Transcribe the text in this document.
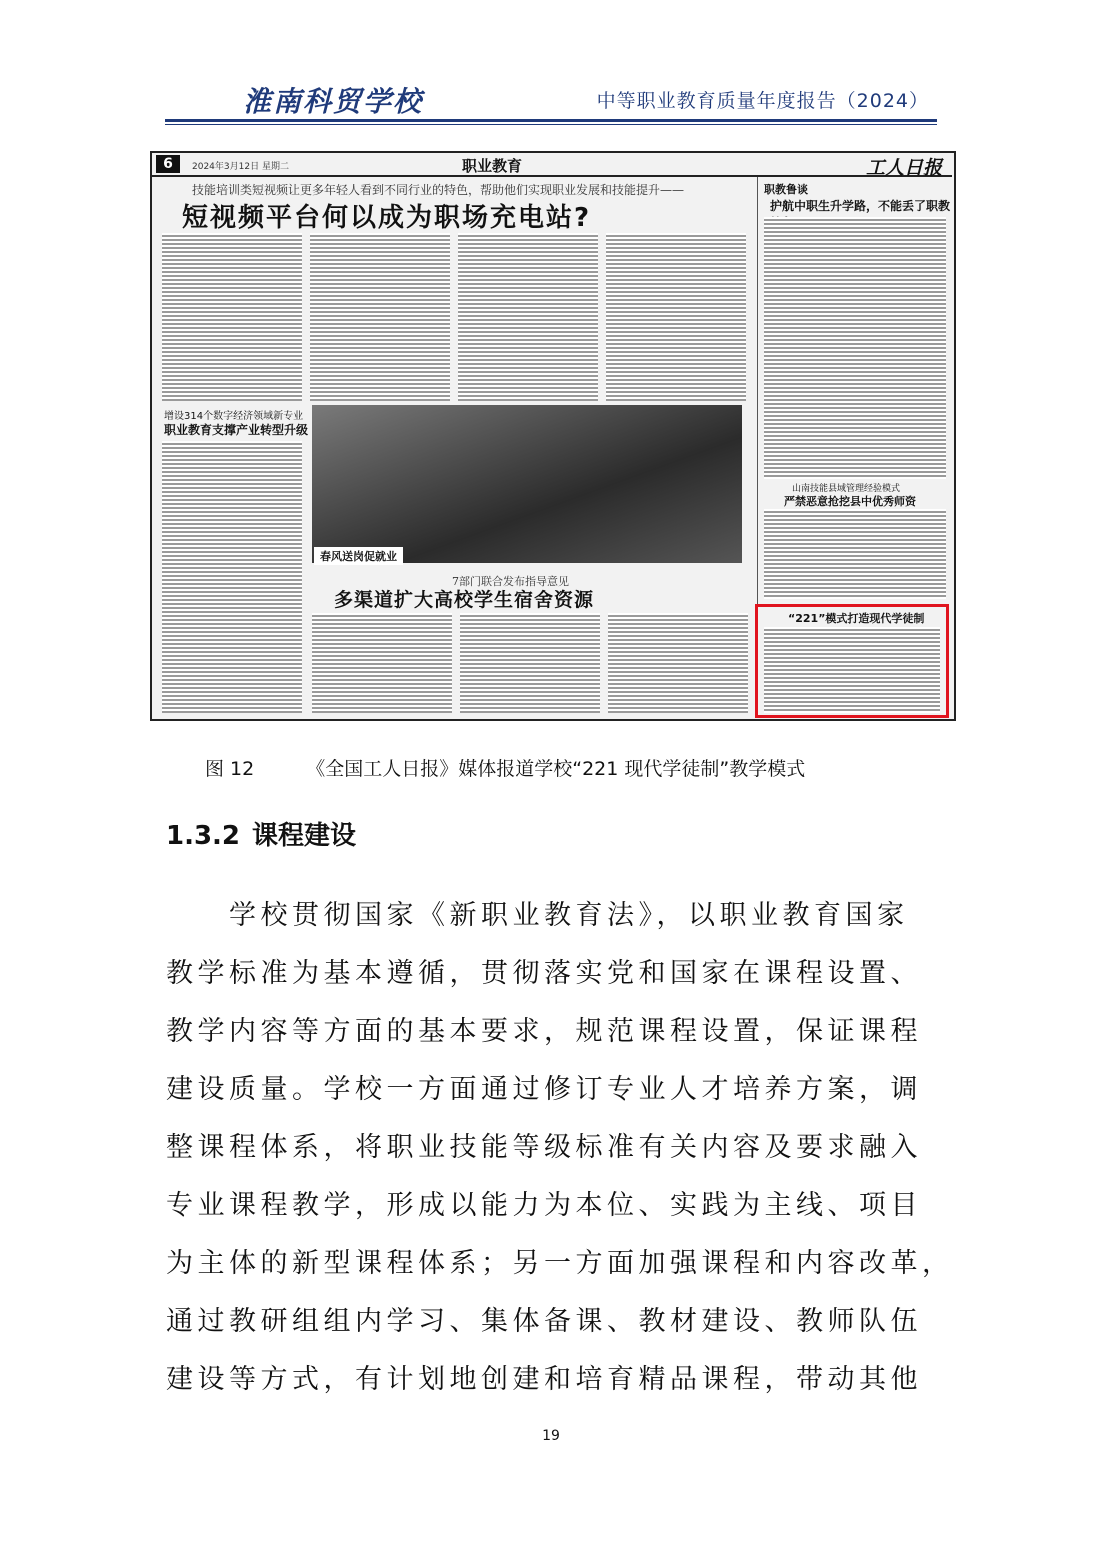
淮南科贸学校	中等职业教育质量年度报告（2024）
6	2024年3月12日 星期二	职业教育	工人日报
技能培训类短视频让更多年轻人看到不同行业的特色，帮助他们实现职业发展和技能提升——
短视频平台何以成为职场充电站?
职教鲁谈
护航中职生升学路，不能丢了职教
增设314个数字经济领域新专业
职业教育支撑产业转型升级
春风送岗促就业
7部门联合发布指导意见
多渠道扩大高校学生宿舍资源
山南技能县域管理经验模式
严禁恶意抢挖县中优秀师资
“221”模式打造现代学徒制
图 12	《全国工人日报》媒体报道学校“221 现代学徒制”教学模式
1.3.2 课程建设
　　学校贯彻国家《新职业教育法》，以职业教育国家
教学标准为基本遵循，贯彻落实党和国家在课程设置、
教学内容等方面的基本要求，规范课程设置，保证课程
建设质量。学校一方面通过修订专业人才培养方案，调
整课程体系，将职业技能等级标准有关内容及要求融入
专业课程教学，形成以能力为本位、实践为主线、项目
为主体的新型课程体系；另一方面加强课程和内容改革，
通过教研组组内学习、集体备课、教材建设、教师队伍
建设等方式，有计划地创建和培育精品课程，带动其他
19
